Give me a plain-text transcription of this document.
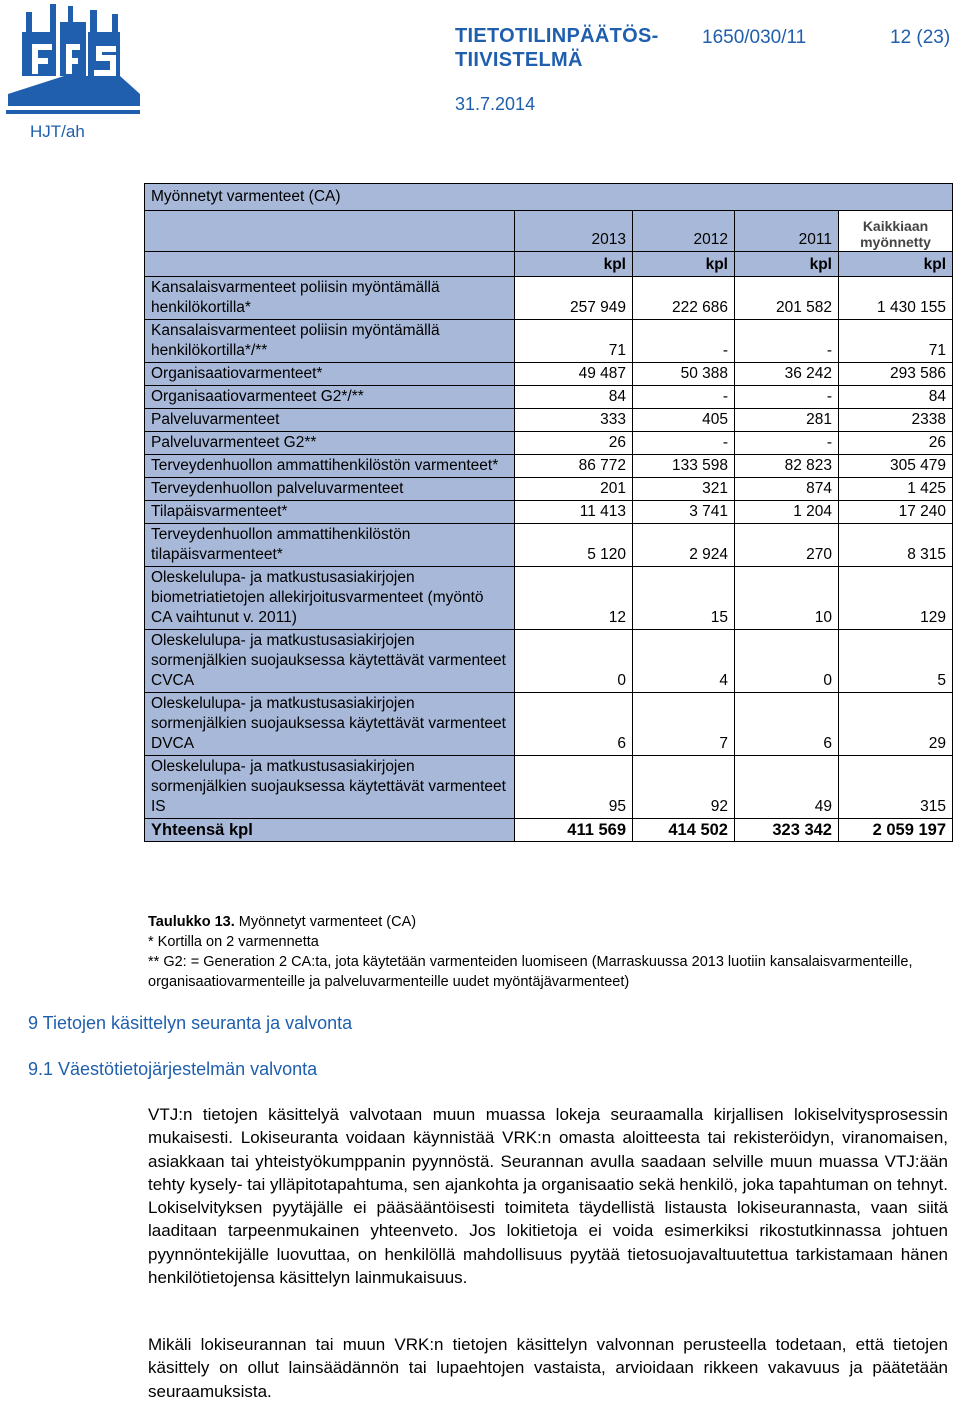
HJT/ah
TIETOTILINPÄÄTÖS-
TIIVISTELMÄ
1650/030/11	12 (23)
31.7.2014
Myönnetyt varmenteet (CA)				
	2013	2012	2011	Kaikkiaan
myönnetty

	kpl	kpl	kpl	kpl
Kansalaisvarmenteet poliisin myöntämällä henkilökortilla*	257 949	222 686	201 582	1 430 155
Kansalaisvarmenteet poliisin myöntämällä henkilökortilla*/**	71	-	-	71
Organisaatiovarmenteet*	49 487	50 388	36 242	293 586
Organisaatiovarmenteet G2*/**	84	-	-	84
Palveluvarmenteet	333	405	281	2338
Palveluvarmenteet G2**	26	-	-	26
Terveydenhuollon ammattihenkilöstön varmenteet*	86 772	133 598	82 823	305 479
Terveydenhuollon palveluvarmenteet	201	321	874	1 425
Tilapäisvarmenteet*	11 413	3 741	1 204	17 240
Terveydenhuollon ammattihenkilöstön tilapäisvarmenteet*	5 120	2 924	270	8 315
Oleskelulupa- ja matkustusasiakirjojen biometriatietojen allekirjoitusvarmenteet (myöntö CA vaihtunut v. 2011)	12	15	10	129
Oleskelulupa- ja matkustusasiakirjojen sormenjälkien suojauksessa käytettävät varmenteet CVCA	0	4	0	5
Oleskelulupa- ja matkustusasiakirjojen sormenjälkien suojauksessa käytettävät varmenteet DVCA	6	7	6	29
Oleskelulupa- ja matkustusasiakirjojen sormenjälkien suojauksessa käytettävät varmenteet IS	95	92	49	315
Yhteensä kpl	411 569	414 502	323 342	2 059 197
Taulukko 13. Myönnetyt varmenteet (CA)
* Kortilla on 2 varmennetta
** G2: = Generation 2 CA:ta, jota käytetään varmenteiden luomiseen (Marraskuussa 2013 luotiin kansalaisvarmenteille, organisaatiovarmenteille ja palveluvarmenteille uudet myöntäjävarmenteet)
9 Tietojen käsittelyn seuranta ja valvonta
9.1 Väestötietojärjestelmän valvonta
VTJ:n tietojen käsittelyä valvotaan muun muassa lokeja seuraamalla kirjallisen lokiselvitysprosessin mukaisesti. Lokiseuranta voidaan käynnistää VRK:n omasta aloitteesta tai rekisteröidyn, viranomaisen, asiakkaan tai yhteistyökumppanin pyynnöstä. Seurannan avulla saadaan selville muun muassa VTJ:ään tehty kysely- tai ylläpitotapahtuma, sen ajankohta ja organisaatio sekä henkilö, joka tapahtuman on tehnyt. Lokiselvityksen pyytäjälle ei pääsääntöisesti toimiteta täydellistä listausta lokiseurannasta, vaan siitä laaditaan tarpeenmukainen yhteenveto. Jos lokitietoja ei voida esimerkiksi rikostutkinnassa johtuen pyynnöntekijälle luovuttaa, on henkilöllä mahdollisuus pyytää tietosuojavaltuutettua tarkistamaan hänen henkilötietojensa käsittelyn lainmukaisuus.
Mikäli lokiseurannan tai muun VRK:n tietojen käsittelyn valvonnan perusteella todetaan, että tietojen käsittely on ollut lainsäädännön tai lupaehtojen vastaista, arvioidaan rikkeen vakavuus ja päätetään seuraamuksista.
